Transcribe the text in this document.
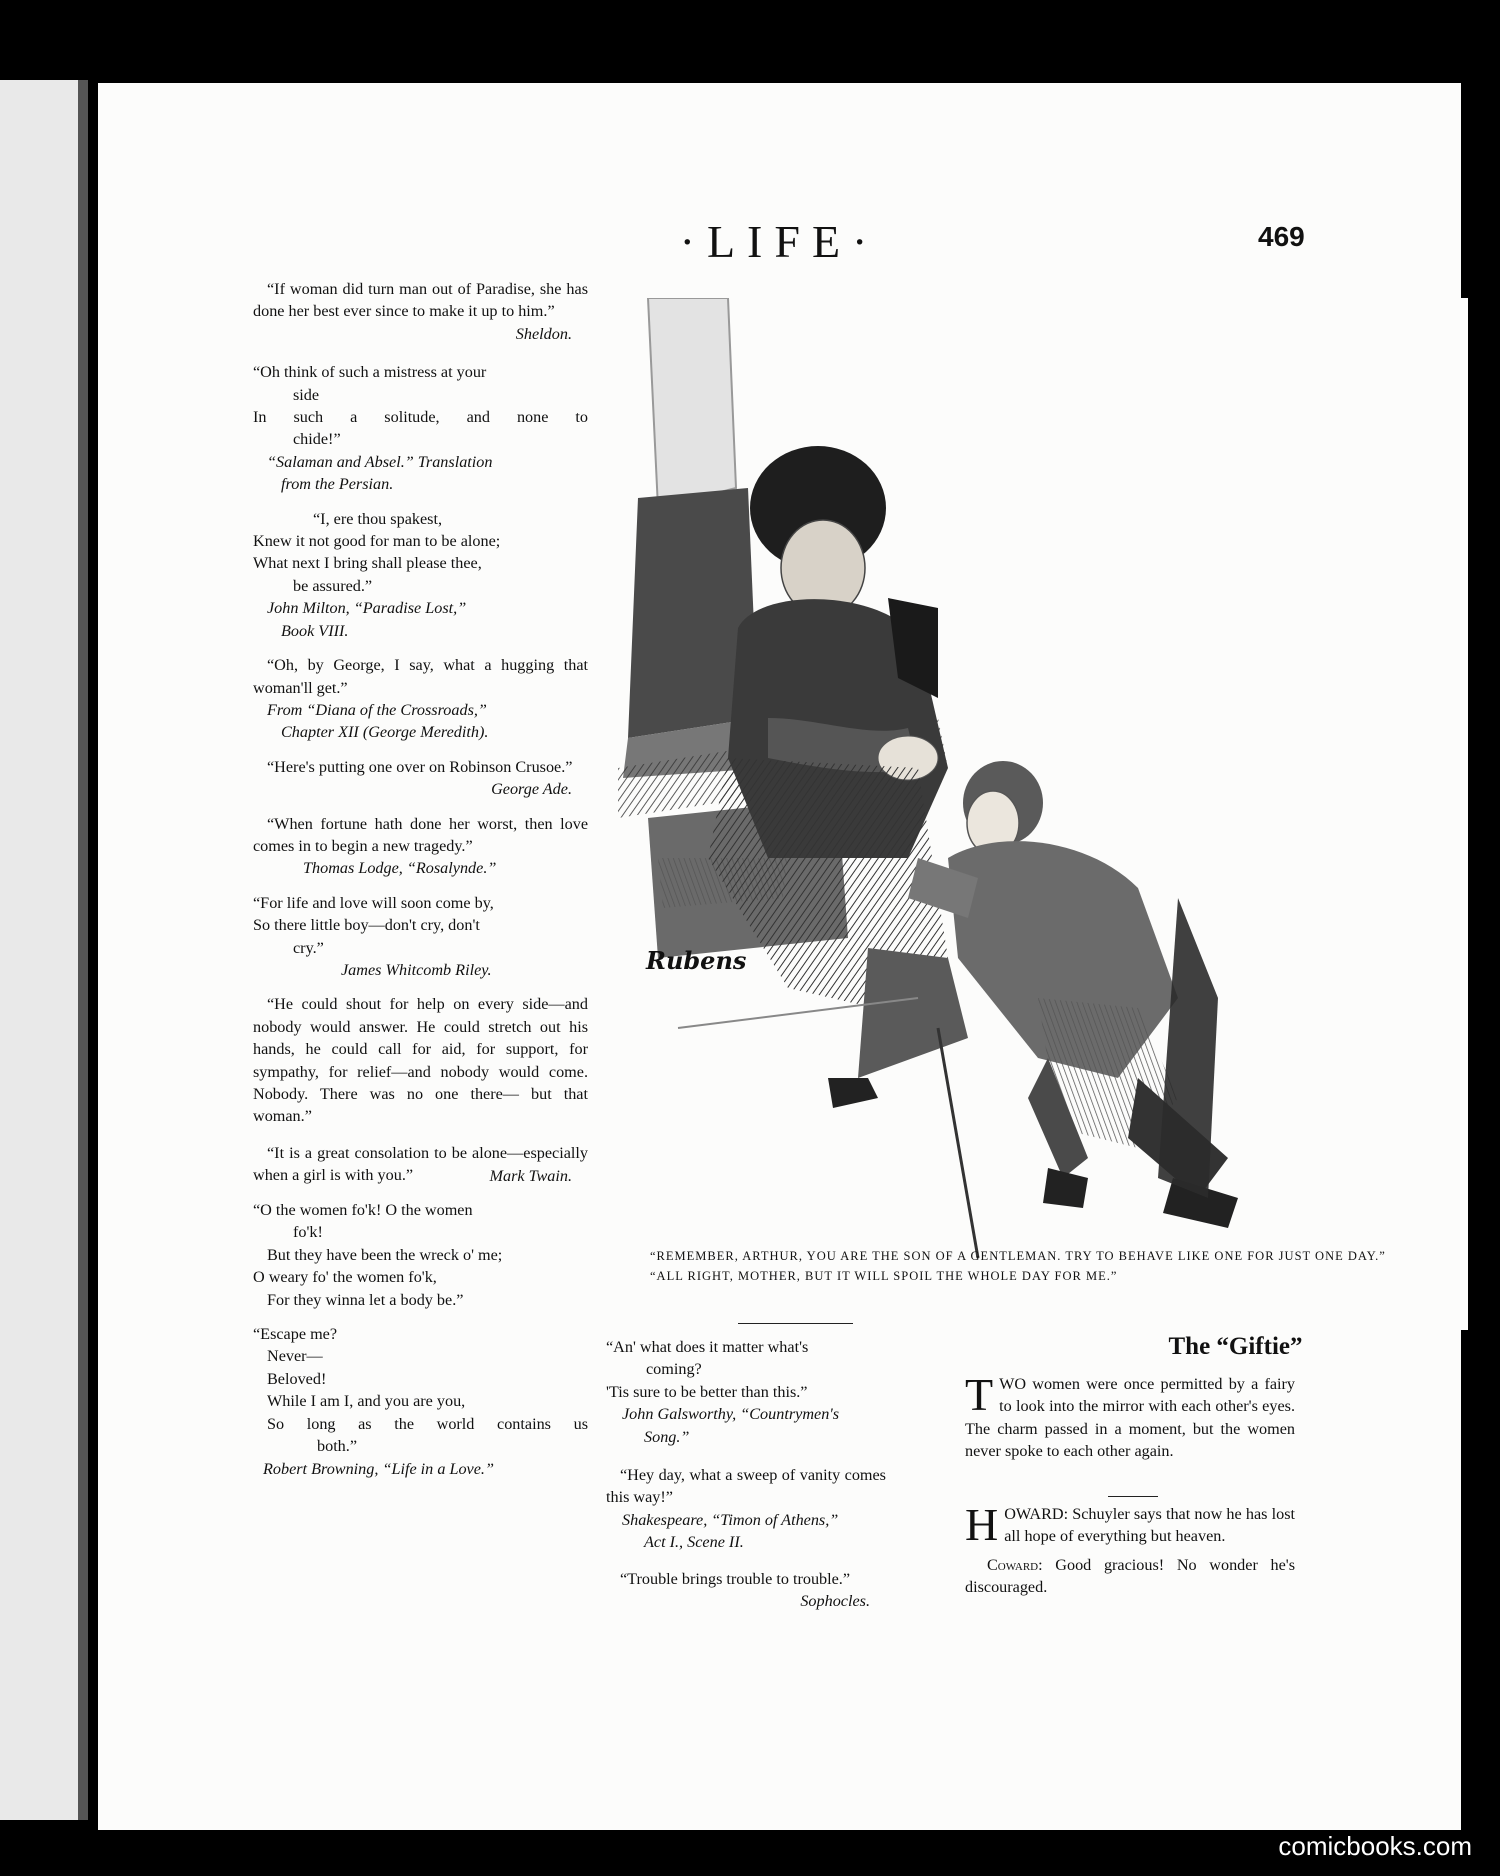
·LIFE·	469

“If woman did turn man out of Paradise, she has done her best ever since to make it up to him.”

Sheldon.

“Oh think of such a mistress at your

side

In such a solitude, and none to

chide!”

“Salaman and Absel.” Translation

from the Persian.

“I, ere thou spakest,

Knew it not good for man to be alone;

What next I bring shall please thee,

be assured.”

John Milton, “Paradise Lost,”

Book VIII.

“Oh, by George, I say, what a hugging that woman'll get.”

From “Diana of the Crossroads,”

Chapter XII (George Meredith).

“Here's putting one over on Robinson Crusoe.”

George Ade.

“When fortune hath done her worst, then love comes in to begin a new tragedy.”

Thomas Lodge, “Rosalynde.”

“For life and love will soon come by,

So there little boy—don't cry, don't

cry.”

James Whitcomb Riley.

“He could shout for help on every side—and nobody would answer. He could stretch out his hands, he could call for aid, for support, for sympathy, for relief—and nobody would come. Nobody. There was no one there— but that woman.”

“It is a great consolation to be alone—especially when a girl is with you.”	Mark Twain.

“O the women fo'k! O the women

fo'k!

But they have been the wreck o' me;

O weary fo' the women fo'k,

For they winna let a body be.”

“Escape me?

Never—

Beloved!

While I am I, and you are you,

So long as the world contains us

both.”

Robert Browning, “Life in a Love.”

Rubens

“REMEMBER, ARTHUR, YOU ARE THE SON OF A GENTLEMAN. TRY TO BEHAVE LIKE ONE FOR JUST ONE DAY.”

“ALL RIGHT, MOTHER, BUT IT WILL SPOIL THE WHOLE DAY FOR ME.”

“An' what does it matter what's

coming?

'Tis sure to be better than this.”

John Galsworthy, “Countrymen's

Song.”

“Hey day, what a sweep of vanity comes this way!”

Shakespeare, “Timon of Athens,”

Act I., Scene II.

“Trouble brings trouble to trouble.”

Sophocles.

The “Giftie”

TWO women were once permitted by a fairy to look into the mirror with each other's eyes. The charm passed in a moment, but the women never spoke to each other again.

HOWARD: Schuyler says that now he has lost all hope of everything but heaven.

Coward: Good gracious! No wonder he's discouraged.

comicbooks.com
